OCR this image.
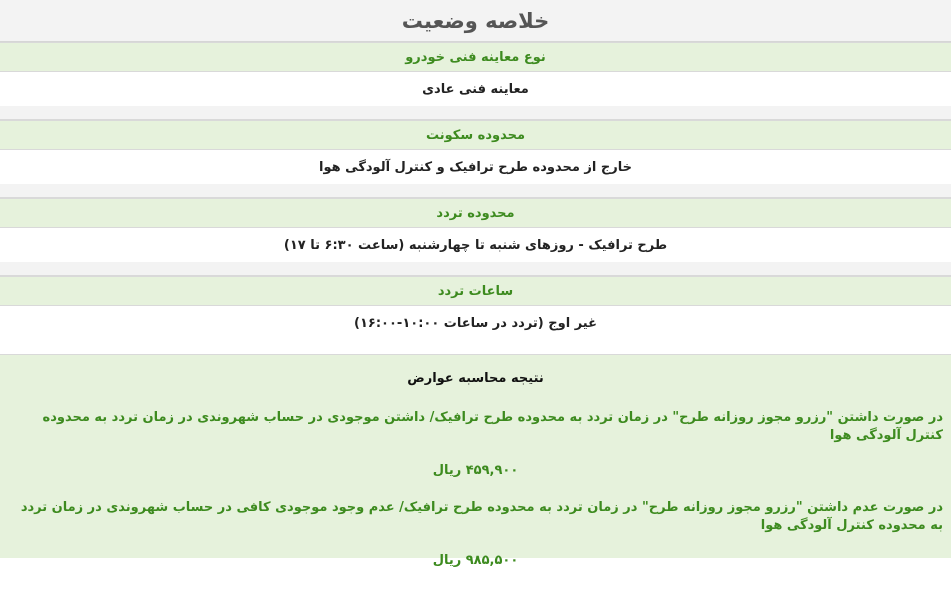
خلاصه وضعیت
نوع معاینه فنی خودرو
معاینه فنی عادی
محدوده سکونت
خارج از محدوده طرح ترافیک و کنترل آلودگی هوا
محدوده تردد
طرح ترافیک - روزهای شنبه تا چهارشنبه (ساعت ۶:۳۰ تا ۱۷)
ساعات تردد
غیر اوج (تردد در ساعات ۱۰:۰۰-۱۶:۰۰)
نتیجه محاسبه عوارض
در صورت داشتن "رزرو مجوز روزانه طرح" در زمان تردد به محدوده طرح ترافیک/ داشتن موجودی در حساب شهروندی در زمان تردد به محدوده کنترل آلودگی هوا
۴۵۹,۹۰۰ ریال
در صورت عدم داشتن "رزرو مجوز روزانه طرح" در زمان تردد به محدوده طرح ترافیک/ عدم وجود موجودی کافی در حساب شهروندی در زمان تردد به محدوده کنترل آلودگی هوا
۹۸۵,۵۰۰ ریال
